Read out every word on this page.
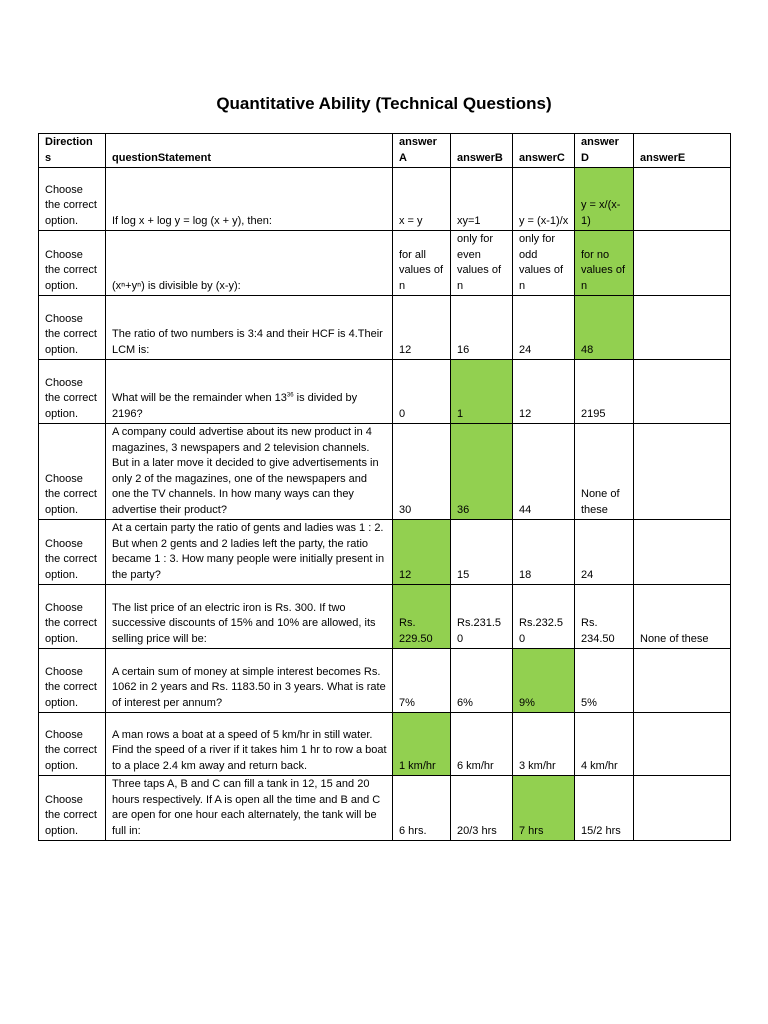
Quantitative Ability (Technical Questions)
Direction s	questionStatement	answer A	answerB	answerC	answer D	answerE
Choose the correct option.	If log x + log y = log (x + y), then:	x = y	xy=1	y = (x-1)/x	y = x/(x-1)	
Choose the correct option.	(xⁿ+yⁿ) is divisible by (x-y):	for all values of n	only for even values of n	only for odd values of n	for no values of n	
Choose the correct option.	The ratio of two numbers is 3:4 and their HCF is 4.Their LCM is:	12	16	24	48	
Choose the correct option.	What will be the remainder when $13^{36}$ is divided by 2196?	0	1	12	2195	
Choose the correct option.	A company could advertise about its new product in 4 magazines, 3 newspapers and 2 television channels. But in a later move it decided to give advertisements in only 2 of the magazines, one of the newspapers and one the TV channels. In how many ways can they advertise their product?	30	36	44	None of these	
Choose the correct option.	At a certain party the ratio of gents and ladies was 1 : 2. But when 2 gents and 2 ladies left the party, the ratio became 1 : 3. How many people were initially present in the party?	12	15	18	24	
Choose the correct option.	The list price of an electric iron is Rs. 300. If two successive discounts of 15% and 10% are allowed, its selling price will be:	Rs. 229.50	Rs.231.50	Rs.232.50	Rs. 234.50	None of these
Choose the correct option.	A certain sum of money at simple interest becomes Rs. 1062 in 2 years and Rs. 1183.50 in 3 years. What is rate of interest per annum?	7%	6%	9%	5%	
Choose the correct option.	A man rows a boat at a speed of 5 km/hr in still water. Find the speed of a river if it takes him 1 hr to row a boat to a place 2.4 km away and return back.	1 km/hr	6 km/hr	3 km/hr	4 km/hr	
Choose the correct option.	Three taps A, B and C can fill a tank in 12, 15 and 20 hours respectively. If A is open all the time and B and C are open for one hour each alternately, the tank will be full in:	6 hrs.	20/3 hrs	7 hrs	15/2 hrs	
